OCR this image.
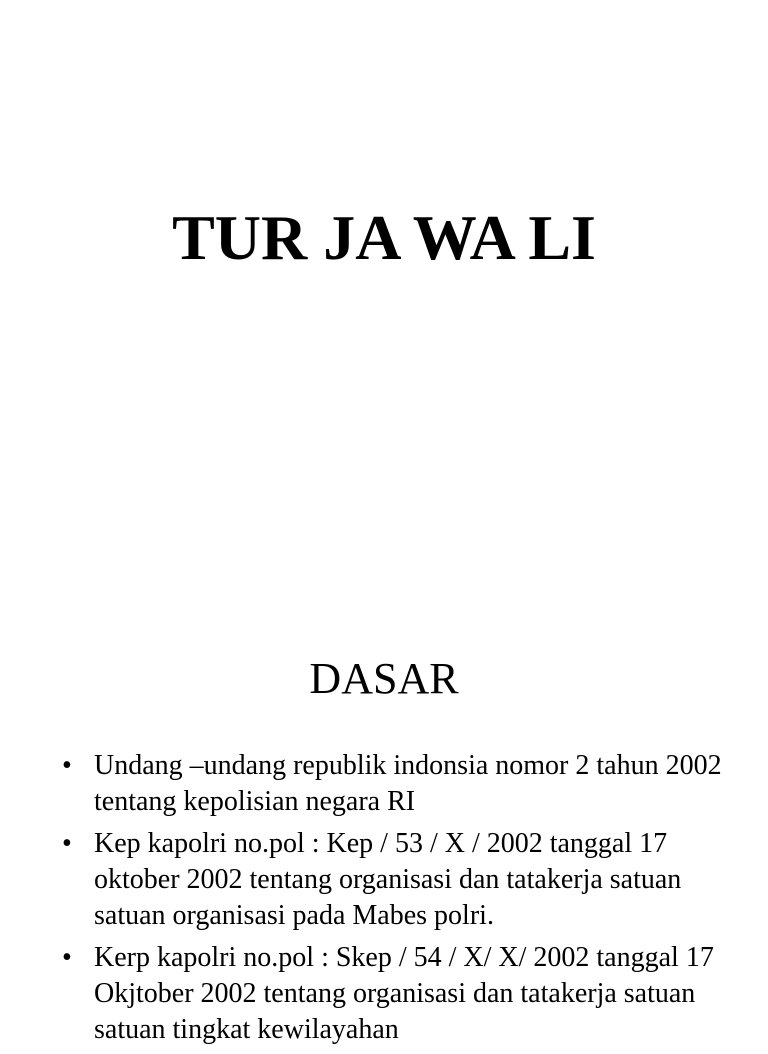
TUR JA WA LI
DASAR
• Undang –undang republik indonsia nomor 2 tahun 2002 tentang kepolisian negara RI
• Kep kapolri no.pol : Kep / 53 / X / 2002 tanggal 17 oktober 2002 tentang organisasi dan tatakerja satuan satuan organisasi pada Mabes polri.
• Kerp kapolri no.pol : Skep / 54 / X/ X/ 2002 tanggal 17 Okjtober 2002 tentang organisasi dan tatakerja satuan satuan tingkat kewilayahan
